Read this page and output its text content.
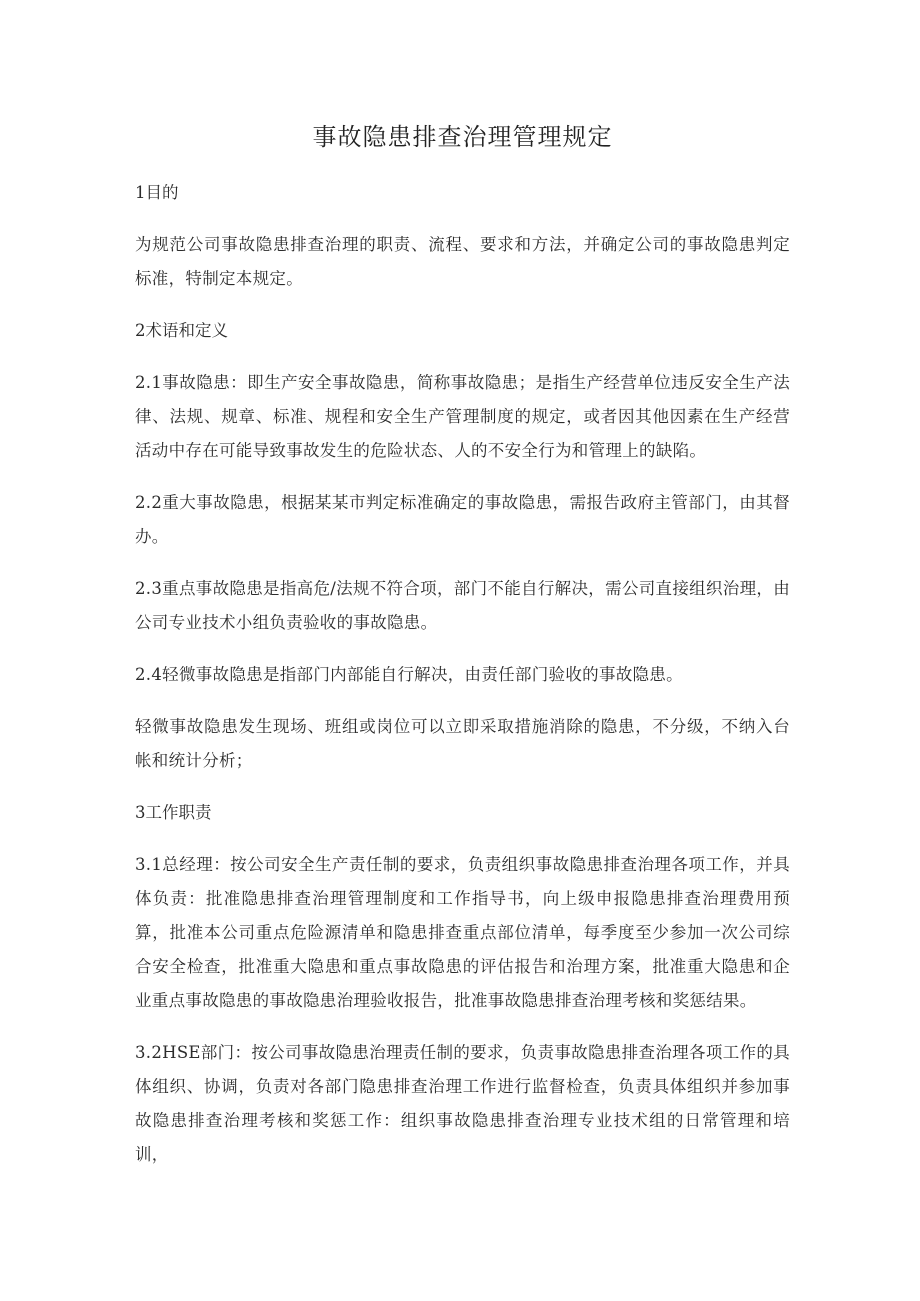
事故隐患排查治理管理规定
1目的

为规范公司事故隐患排查治理的职责、流程、要求和方法，并确定公司的事故隐患判定标准，特制定本规定。

2术语和定义

2.1事故隐患：即生产安全事故隐患，简称事故隐患；是指生产经营单位违反安全生产法律、法规、规章、标准、规程和安全生产管理制度的规定，或者因其他因素在生产经营活动中存在可能导致事故发生的危险状态、人的不安全行为和管理上的缺陷。

2.2重大事故隐患，根据某某市判定标准确定的事故隐患，需报告政府主管部门，由其督办。

2.3重点事故隐患是指高危/法规不符合项，部门不能自行解决，需公司直接组织治理，由公司专业技术小组负责验收的事故隐患。

2.4轻微事故隐患是指部门内部能自行解决，由责任部门验收的事故隐患。

轻微事故隐患发生现场、班组或岗位可以立即采取措施消除的隐患，不分级，不纳入台帐和统计分析；

3工作职责

3.1总经理：按公司安全生产责任制的要求，负责组织事故隐患排查治理各项工作，并具体负责：批准隐患排查治理管理制度和工作指导书，向上级申报隐患排查治理费用预算，批准本公司重点危险源清单和隐患排查重点部位清单，每季度至少参加一次公司综合安全检查，批准重大隐患和重点事故隐患的评估报告和治理方案，批准重大隐患和企业重点事故隐患的事故隐患治理验收报告，批准事故隐患排查治理考核和奖惩结果。

3.2HSE部门：按公司事故隐患治理责任制的要求，负责事故隐患排查治理各项工作的具体组织、协调，负责对各部门隐患排查治理工作进行监督检查，负责具体组织并参加事故隐患排查治理考核和奖惩工作：组织事故隐患排查治理专业技术组的日常管理和培训，
